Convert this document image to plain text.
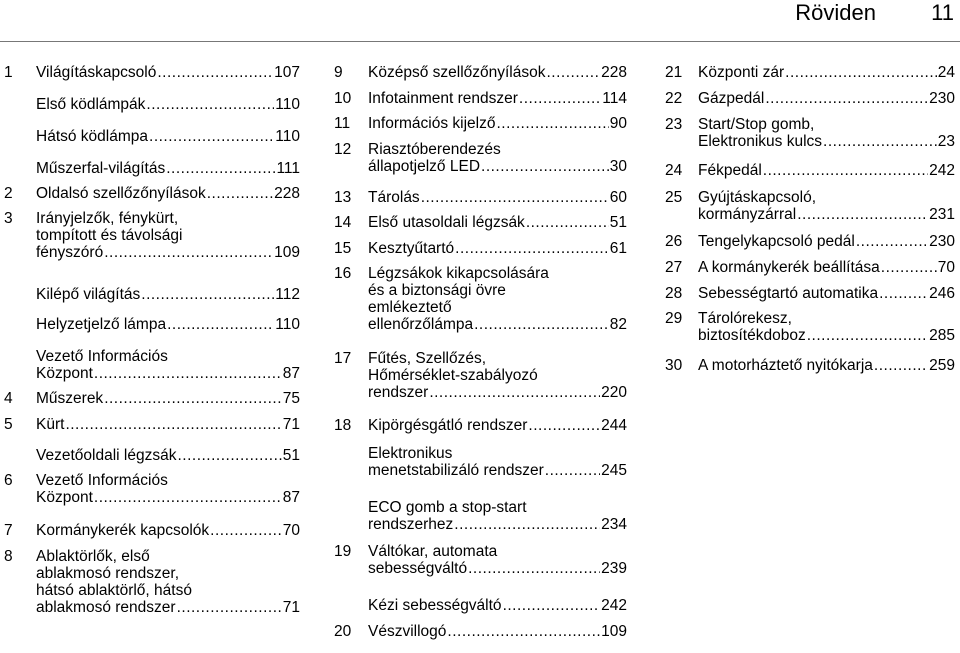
Röviden	11
1	Világításkapcsoló .....	107
Első ködlámpák .....	110
Hátsó ködlámpa .....	110
Műszerfal-világítás .....	111
2	Oldalsó szellőzőnyílások .....	228
3	Irányjelzők, fénykürt,
tompított és távolsági
fényszóró .....	109
Kilépő világítás .....	112
Helyzetjelző lámpa .....	110
Vezető Információs
Központ .....	87
4	Műszerek .....	75
5	Kürt .....	71
Vezetőoldali légzsák .....	51
6	Vezető Információs
Központ .....	87
7	Kormánykerék kapcsolók .....	70
8	Ablaktörlők, első
ablakmosó rendszer,
hátsó ablaktörlő, hátsó
ablakmosó rendszer .....	71
9	Középső szellőzőnyílások .....	228
10	Infotainment rendszer .....	114
11	Információs kijelző .....	90
12	Riasztóberendezés
állapotjelző LED .....	30
13	Tárolás .....	60
14	Első utasoldali légzsák .....	51
15	Kesztyűtartó .....	61
16	Légzsákok kikapcsolására
és a biztonsági övre
emlékeztető
ellenőrzőlámpa .....	82
17	Fűtés, Szellőzés,
Hőmérséklet-szabályozó
rendszer .....	220
18	Kipörgésgátló rendszer .....	244
Elektronikus
menetstabilizáló rendszer .....	245
ECO gomb a stop-start
rendszerhez .....	234
19	Váltókar, automata
sebességváltó .....	239
Kézi sebességváltó .....	242
20	Vészvillogó .....	109
21	Központi zár .....	24
22	Gázpedál .....	230
23	Start/Stop gomb,
Elektronikus kulcs .....	23
24	Fékpedál .....	242
25	Gyújtáskapcsoló,
kormányzárral .....	231
26	Tengelykapcsoló pedál .....	230
27	A kormánykerék beállítása .....	70
28	Sebességtartó automatika .....	246
29	Tárolórekesz,
biztosítékdoboz .....	285
30	A motorháztető nyitókarja .....	259
